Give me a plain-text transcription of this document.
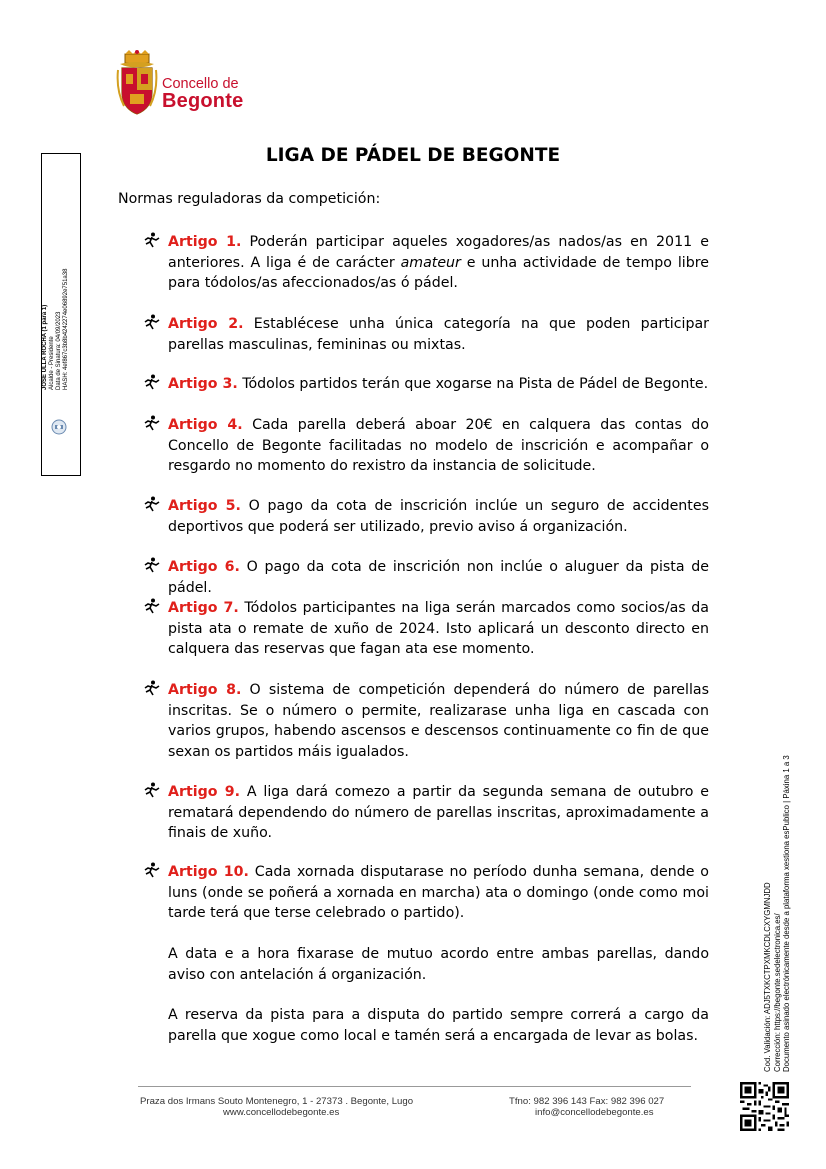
Concello de
Begonte
JOSE ULLA ROCHA (1 para 1) Alcalde - Presidente Data de Sinatura: 04/09/2023 HASH: 4ef867c3b8b4242274e06892e751a38
Cod. Validación: ADJ5TXKCTPXMKCDLCXYGMNJDD Corrección: https://begonte.sedelectronica.es/ Documento asinado electrónicamente desde a plataforma xestiona esPublico | Páxina 1 a 3
LIGA DE PÁDEL DE BEGONTE
Normas reguladoras da competición:
Artigo 1. Poderán participar aqueles xogadores/as nados/as en 2011 e anteriores. A liga é de carácter amateur e unha actividade de tempo libre para tódolos/as afeccionados/as ó pádel.
Artigo 2. Establécese unha única categoría na que poden participar parellas masculinas, femininas ou mixtas.
Artigo 3. Tódolos partidos terán que xogarse na Pista de Pádel de Begonte.
Artigo 4. Cada parella deberá aboar 20€ en calquera das contas do Concello de Begonte facilitadas no modelo de inscrición e acompañar o resgardo no momento do rexistro da instancia de solicitude.
Artigo 5. O pago da cota de inscrición inclúe un seguro de accidentes deportivos que poderá ser utilizado, previo aviso á organización.
Artigo 6. O pago da cota de inscrición non inclúe o aluguer da pista de pádel.
Artigo 7. Tódolos participantes na liga serán marcados como socios/as da pista ata o remate de xuño de 2024. Isto aplicará un desconto directo en calquera das reservas que fagan ata ese momento.
Artigo 8. O sistema de competición dependerá do número de parellas inscritas. Se o número o permite, realizarase unha liga en cascada con varios grupos, habendo ascensos e descensos continuamente co fin de que sexan os partidos máis igualados.
Artigo 9. A liga dará comezo a partir da segunda semana de outubro e rematará dependendo do número de parellas inscritas, aproximadamente a finais de xuño.
Artigo 10. Cada xornada disputarase no período dunha semana, dende o luns (onde se poñerá a xornada en marcha) ata o domingo (onde como moi tarde terá que terse celebrado o partido).
A data e a hora fixarase de mutuo acordo entre ambas parellas, dando aviso con antelación á organización.
A reserva da pista para a disputa do partido sempre correrá a cargo da parella que xogue como local e tamén será a encargada de levar as bolas.
Praza dos Irmans Souto Montenegro, 1 - 27373 . Begonte, Lugo
www.concellodebegonte.es
Tfno: 982 396 143 Fax: 982 396 027
info@concellodebegonte.es
